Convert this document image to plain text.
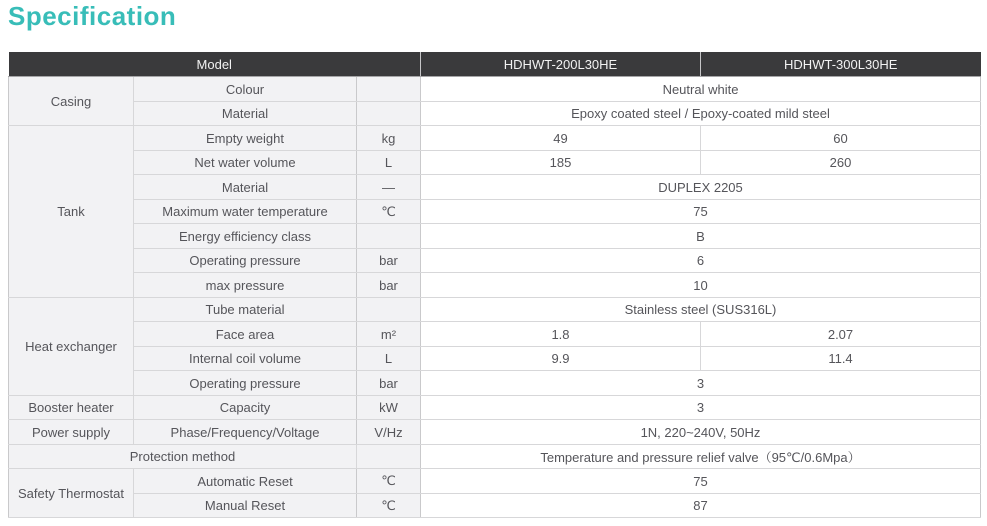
Specification
Model			HDHWT-200L30HE	HDHWT-300L30HE
Casing	Colour		Neutral white	
	Material		Epoxy coated steel / Epoxy-coated mild steel	
Tank	Empty weight	kg	49	60
	Net water volume	L	185	260
	Material	—	DUPLEX 2205	
	Maximum water temperature	℃	75	
	Energy efficiency class		B	
	Operating pressure	bar	6	
	max pressure	bar	10	
Heat exchanger	Tube material		Stainless steel (SUS316L)	
	Face area	m²	1.8	2.07
	Internal coil volume	L	9.9	11.4
	Operating pressure	bar	3	
Booster heater	Capacity	kW	3	
Power supply	Phase/Frequency/Voltage	V/Hz	1N, 220~240V, 50Hz	
Protection method			Temperature and pressure relief valve（95℃/0.6Mpa）	
Safety Thermostat	Automatic Reset	℃	75	
	Manual Reset	℃	87	
